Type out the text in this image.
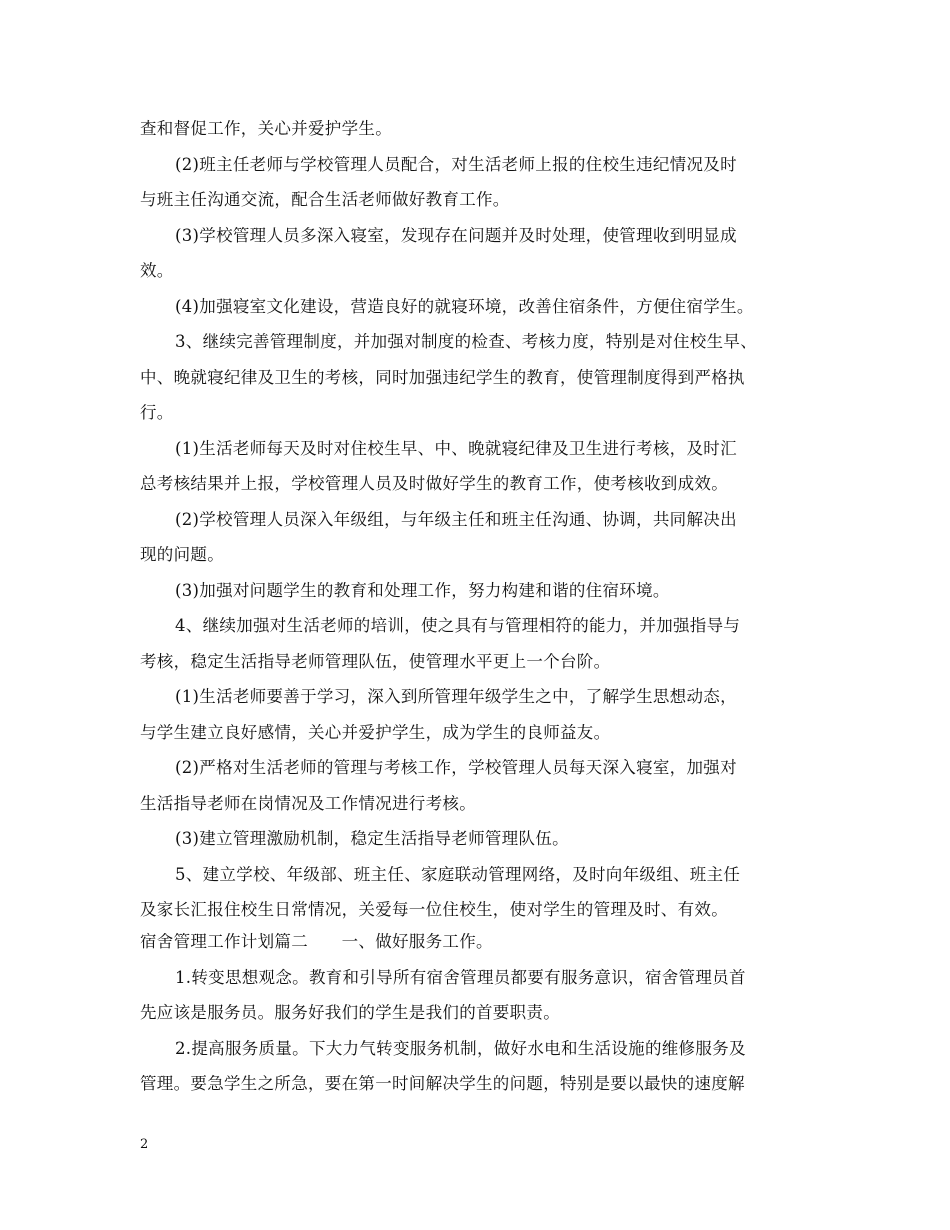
查和督促工作，关心并爱护学生。
(2)班主任老师与学校管理人员配合，对生活老师上报的住校生违纪情况及时
与班主任沟通交流，配合生活老师做好教育工作。
(3)学校管理人员多深入寝室，发现存在问题并及时处理，使管理收到明显成
效。
(4)加强寝室文化建设，营造良好的就寝环境，改善住宿条件，方便住宿学生。
3、继续完善管理制度，并加强对制度的检查、考核力度，特别是对住校生早、
中、晚就寝纪律及卫生的考核，同时加强违纪学生的教育，使管理制度得到严格执
行。
(1)生活老师每天及时对住校生早、中、晚就寝纪律及卫生进行考核，及时汇
总考核结果并上报，学校管理人员及时做好学生的教育工作，使考核收到成效。
(2)学校管理人员深入年级组，与年级主任和班主任沟通、协调，共同解决出
现的问题。
(3)加强对问题学生的教育和处理工作，努力构建和谐的住宿环境。
4、继续加强对生活老师的培训，使之具有与管理相符的能力，并加强指导与
考核，稳定生活指导老师管理队伍，使管理水平更上一个台阶。
(1)生活老师要善于学习，深入到所管理年级学生之中，了解学生思想动态，
与学生建立良好感情，关心并爱护学生，成为学生的良师益友。
(2)严格对生活老师的管理与考核工作，学校管理人员每天深入寝室，加强对
生活指导老师在岗情况及工作情况进行考核。
(3)建立管理激励机制，稳定生活指导老师管理队伍。
5、建立学校、年级部、班主任、家庭联动管理网络，及时向年级组、班主任
及家长汇报住校生日常情况，关爱每一位住校生，使对学生的管理及时、有效。
宿舍管理工作计划篇二　　一、做好服务工作。
1.转变思想观念。教育和引导所有宿舍管理员都要有服务意识，宿舍管理员首
先应该是服务员。服务好我们的学生是我们的首要职责。
2.提高服务质量。下大力气转变服务机制，做好水电和生活设施的维修服务及
管理。要急学生之所急，要在第一时间解决学生的问题，特别是要以最快的速度解
2
